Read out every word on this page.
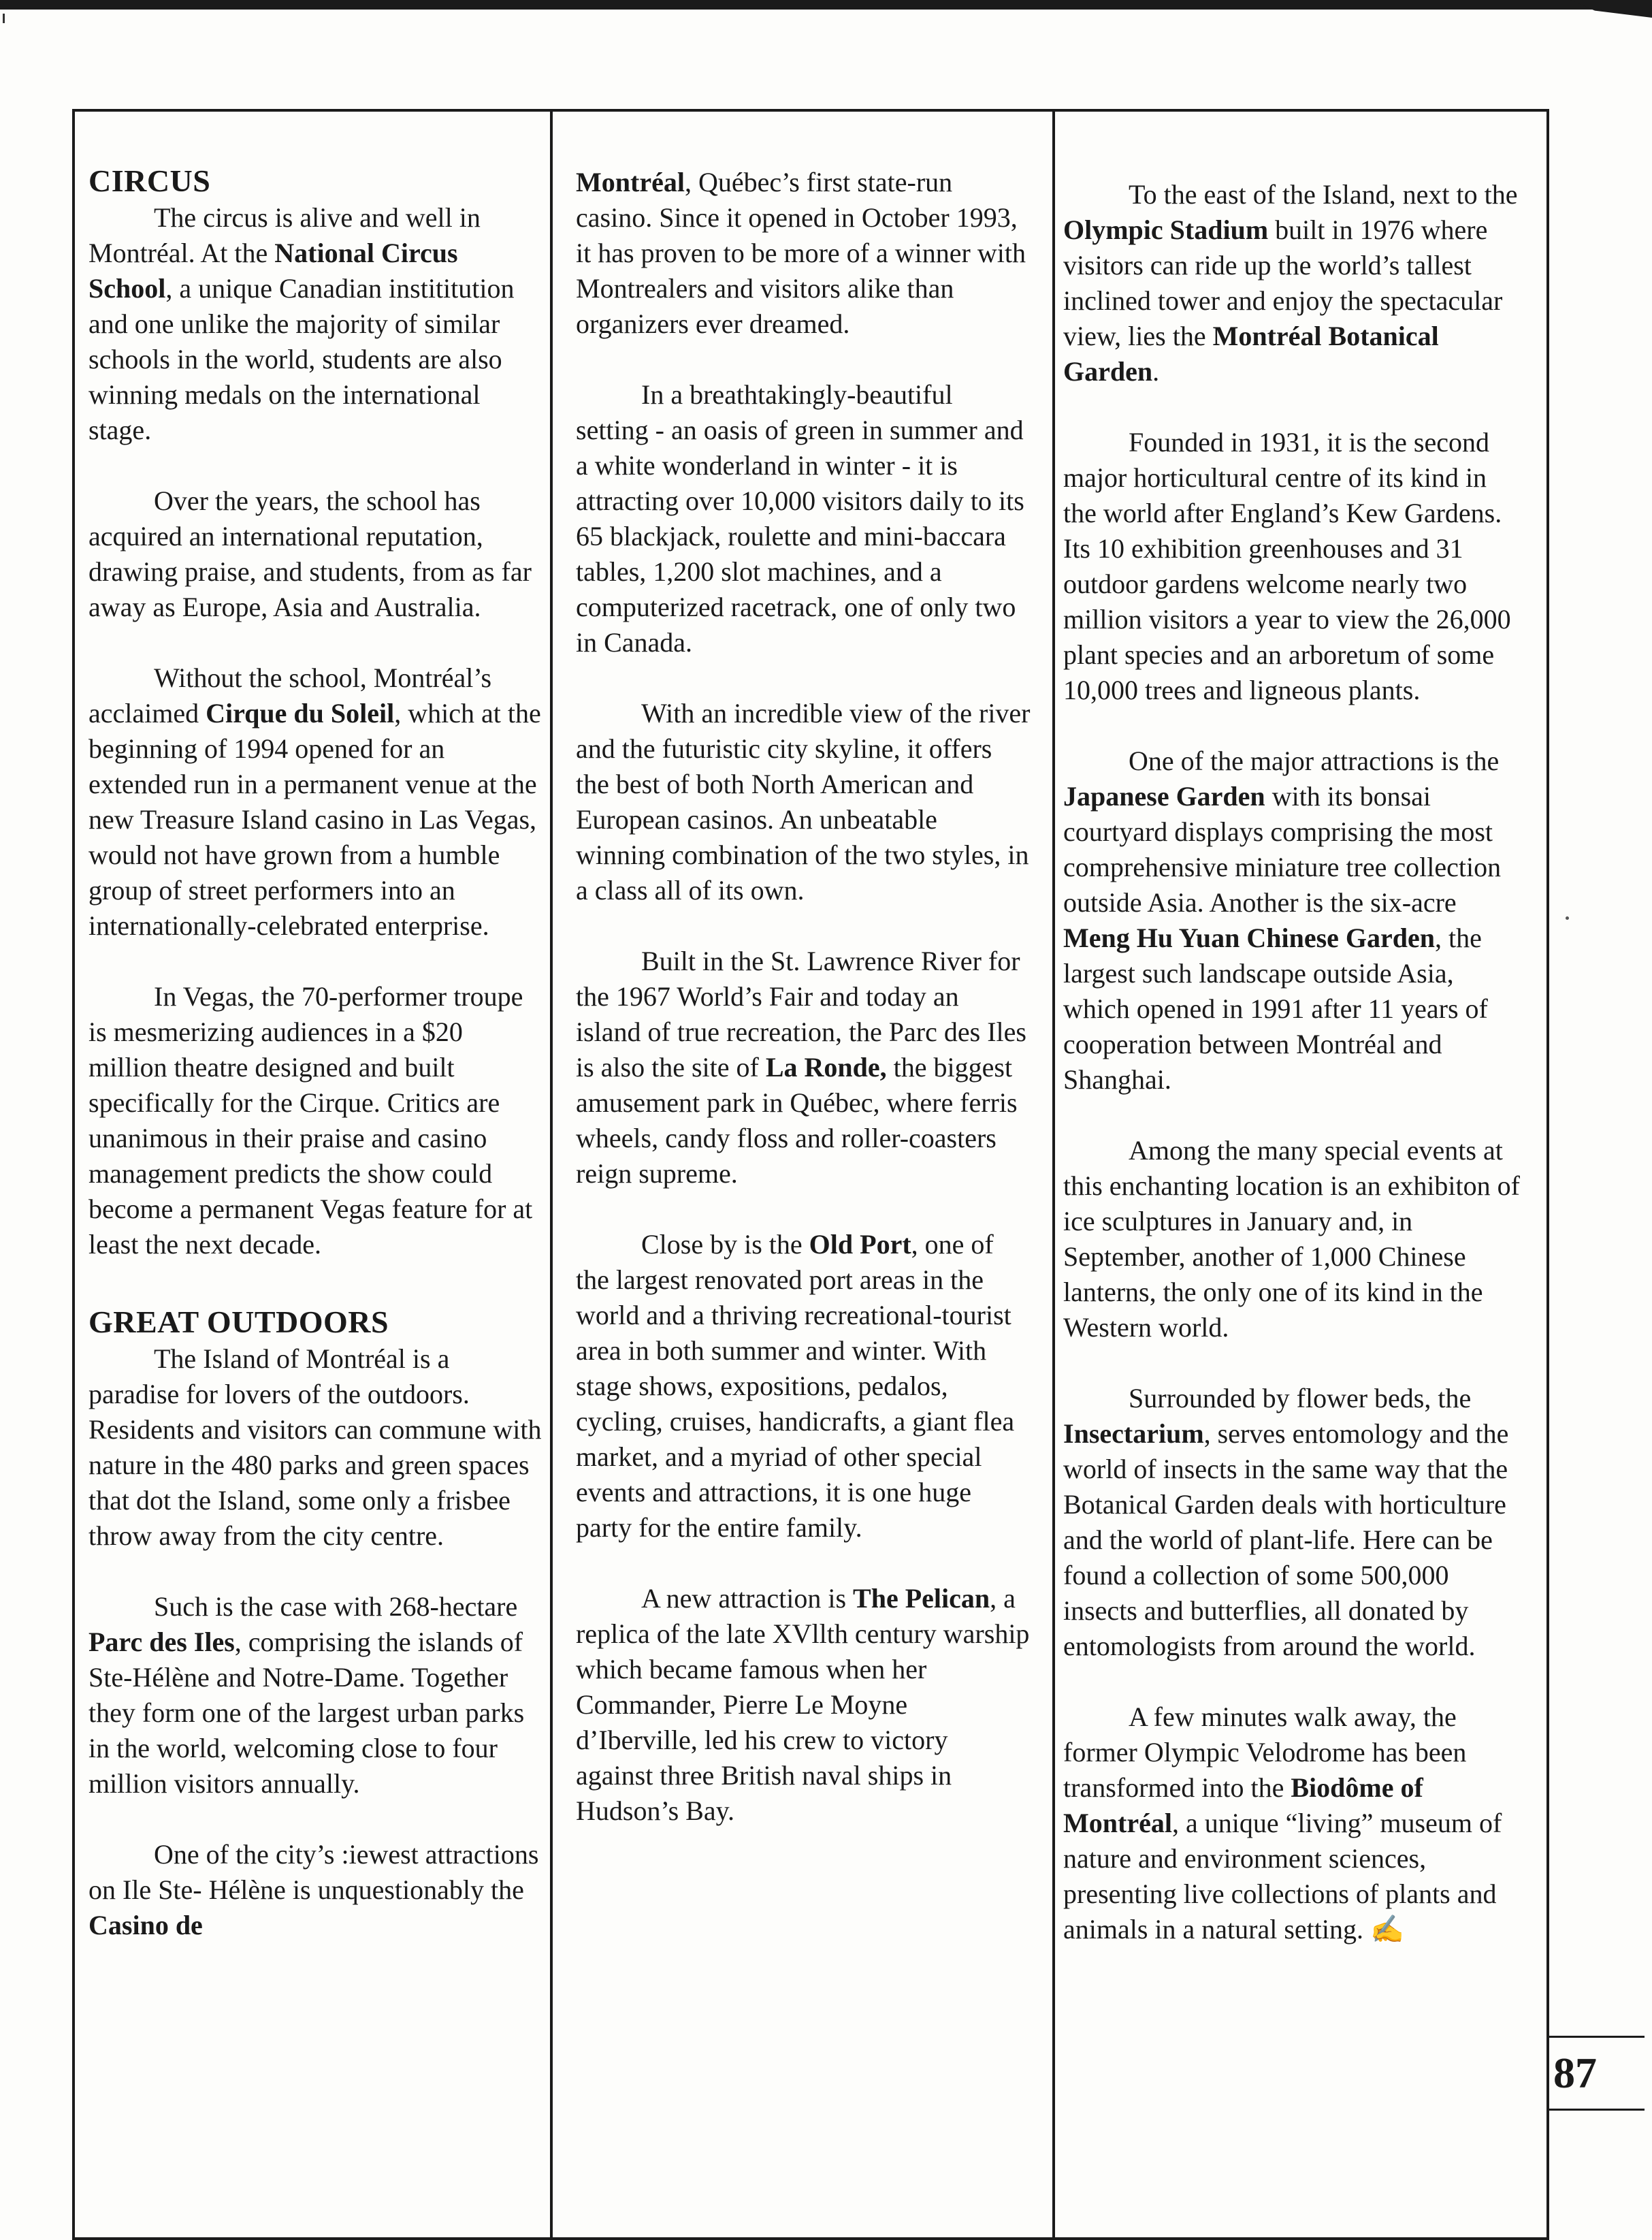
CIRCUS

The circus is alive and well in Montréal. At the National Circus School, a unique Canadian instititution and one unlike the majority of similar schools in the world, students are also winning medals on the international stage.

Over the years, the school has acquired an international reputation, drawing praise, and students, from as far away as Europe, Asia and Australia.

Without the school, Montréal’s acclaimed Cirque du Soleil, which at the beginning of 1994 opened for an extended run in a permanent venue at the new Treasure Island casino in Las Vegas, would not have grown from a humble group of street performers into an internationally-celebrated enterprise.

In Vegas, the 70-performer troupe is mesmerizing audiences in a $20 million theatre designed and built specifically for the Cirque. Critics are unanimous in their praise and casino management predicts the show could become a permanent Vegas feature for at least the next decade.

GREAT OUTDOORS

The Island of Montréal is a paradise for lovers of the outdoors. Residents and visitors can commune with nature in the 480 parks and green spaces that dot the Island, some only a frisbee throw away from the city centre.

Such is the case with 268-hectare Parc des Iles, comprising the islands of Ste-Hélène and Notre-Dame. Together they form one of the largest urban parks in the world, welcoming close to four million visitors annually.

One of the city’s :iewest attractions on Ile Ste- Hélène is unquestionably the Casino de

Montréal, Québec’s first state-run casino. Since it opened in October 1993, it has proven to be more of a winner with Montrealers and visitors alike than organizers ever dreamed.

In a breathtakingly-beautiful setting - an oasis of green in summer and a white wonderland in winter - it is attracting over 10,000 visitors daily to its 65 blackjack, roulette and mini-baccara tables, 1,200 slot machines, and a computerized racetrack, one of only two in Canada.

With an incredible view of the river and the futuristic city skyline, it offers the best of both North American and European casinos. An unbeatable winning combination of the two styles, in a class all of its own.

Built in the St. Lawrence River for the 1967 World’s Fair and today an island of true recreation, the Parc des Iles is also the site of La Ronde, the biggest amusement park in Québec, where ferris wheels, candy floss and roller-coasters reign supreme.

Close by is the Old Port, one of the largest renovated port areas in the world and a thriving recreational-tourist area in both summer and winter. With stage shows, expositions, pedalos, cycling, cruises, handicrafts, a giant flea market, and a myriad of other special events and attractions, it is one huge party for the entire family.

A new attraction is The Pelican, a replica of the late XVllth century warship which became famous when her Commander, Pierre Le Moyne d’Iberville, led his crew to victory against three British naval ships in Hudson’s Bay.

To the east of the Island, next to the Olympic Stadium built in 1976 where visitors can ride up the world’s tallest inclined tower and enjoy the spectacular view, lies the Montréal Botanical Garden.

Founded in 1931, it is the second major horticultural centre of its kind in the world after England’s Kew Gardens. Its 10 exhibition greenhouses and 31 outdoor gardens welcome nearly two million visitors a year to view the 26,000 plant species and an arboretum of some 10,000 trees and ligneous plants.

One of the major attractions is the Japanese Garden with its bonsai courtyard displays comprising the most comprehensive miniature tree collection outside Asia. Another is the six-acre Meng Hu Yuan Chinese Garden, the largest such landscape outside Asia, which opened in 1991 after 11 years of cooperation between Montréal and Shanghai.

Among the many special events at this enchanting location is an exhibiton of ice sculptures in January and, in September, another of 1,000 Chinese lanterns, the only one of its kind in the Western world.

Surrounded by flower beds, the Insectarium, serves entomology and the world of insects in the same way that the Botanical Garden deals with horticulture and the world of plant-life. Here can be found a collection of some 500,000 insects and butterflies, all donated by entomologists from around the world.

A few minutes walk away, the former Olympic Velodrome has been transformed into the Biodôme of Montréal, a unique “living” museum of nature and environment sciences, presenting live collections of plants and animals in a natural setting. ✍

87
